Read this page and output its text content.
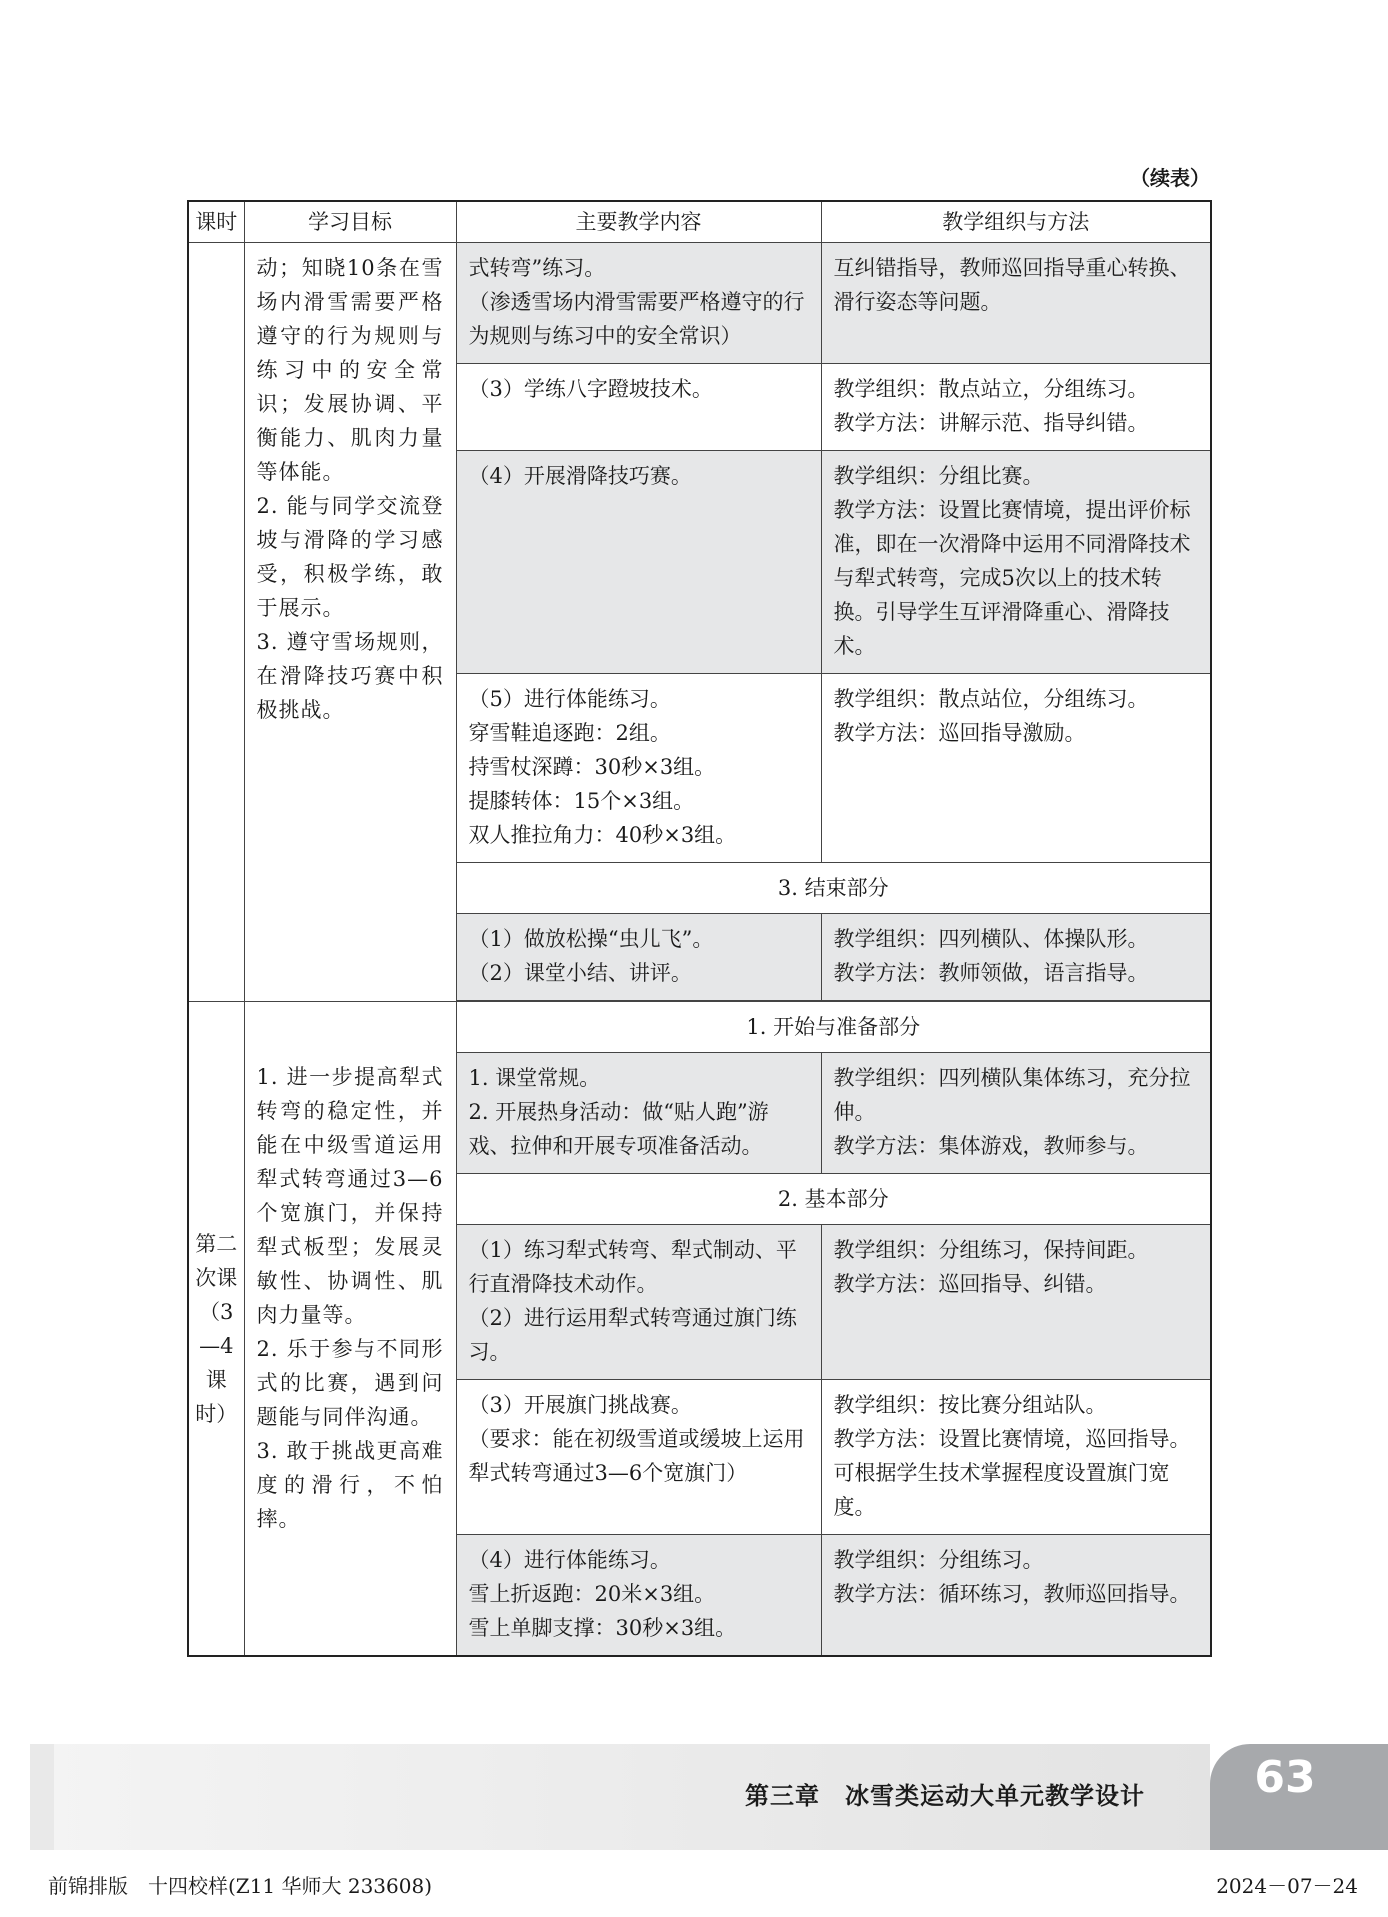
（续表）
课时	学习目标	主要教学内容	教学组织与方法
	动；知晓10条在雪场内滑雪需要严格遵守的行为规则与练习中的安全常识；发展协调、平衡能力、肌肉力量等体能。
2. 能与同学交流登坡与滑降的学习感受，积极学练，敢于展示。
3. 遵守雪场规则，在滑降技巧赛中积极挑战。	式转弯”练习。
（渗透雪场内滑雪需要严格遵守的行为规则与练习中的安全常识）	互纠错指导，教师巡回指导重心转换、滑行姿态等问题。

		（3）学练八字蹬坡技术。	教学组织：散点站立，分组练习。
教学方法：讲解示范、指导纠错。

		（4）开展滑降技巧赛。	教学组织：分组比赛。
教学方法：设置比赛情境，提出评价标准，即在一次滑降中运用不同滑降技术与犁式转弯，完成5次以上的技术转换。引导学生互评滑降重心、滑降技术。

		（5）进行体能练习。
穿雪鞋追逐跑：2组。
持雪杖深蹲：30秒×3组。
提膝转体：15个×3组。
双人推拉角力：40秒×3组。	教学组织：散点站位，分组练习。
教学方法：巡回指导激励。

		3. 结束部分	

		（1）做放松操“虫儿飞”。
（2）课堂小结、讲评。	教学组织：四列横队、体操队形。
教学方法：教师领做，语言指导。

第二次课（3—4课时）	1. 进一步提高犁式转弯的稳定性，并能在中级雪道运用犁式转弯通过3—6个宽旗门，并保持犁式板型；发展灵敏性、协调性、肌肉力量等。
2. 乐于参与不同形式的比赛，遇到问题能与同伴沟通。
3. 敢于挑战更高难度的滑行，不怕摔。	1. 开始与准备部分	

		1. 课堂常规。
2. 开展热身活动：做“贴人跑”游戏、拉伸和开展专项准备活动。	教学组织：四列横队集体练习，充分拉伸。
教学方法：集体游戏，教师参与。

		2. 基本部分	

		（1）练习犁式转弯、犁式制动、平行直滑降技术动作。
（2）进行运用犁式转弯通过旗门练习。	教学组织：分组练习，保持间距。
教学方法：巡回指导、纠错。

		（3）开展旗门挑战赛。
（要求：能在初级雪道或缓坡上运用犁式转弯通过3—6个宽旗门）	教学组织：按比赛分组站队。
教学方法：设置比赛情境，巡回指导。可根据学生技术掌握程度设置旗门宽度。

		（4）进行体能练习。
雪上折返跑：20米×3组。
雪上单脚支撑：30秒×3组。	教学组织：分组练习。
教学方法：循环练习，教师巡回指导。
第三章　冰雪类运动大单元教学设计	63
前锦排版　十四校样(Z11 华师大 233608)	2024－07－24
